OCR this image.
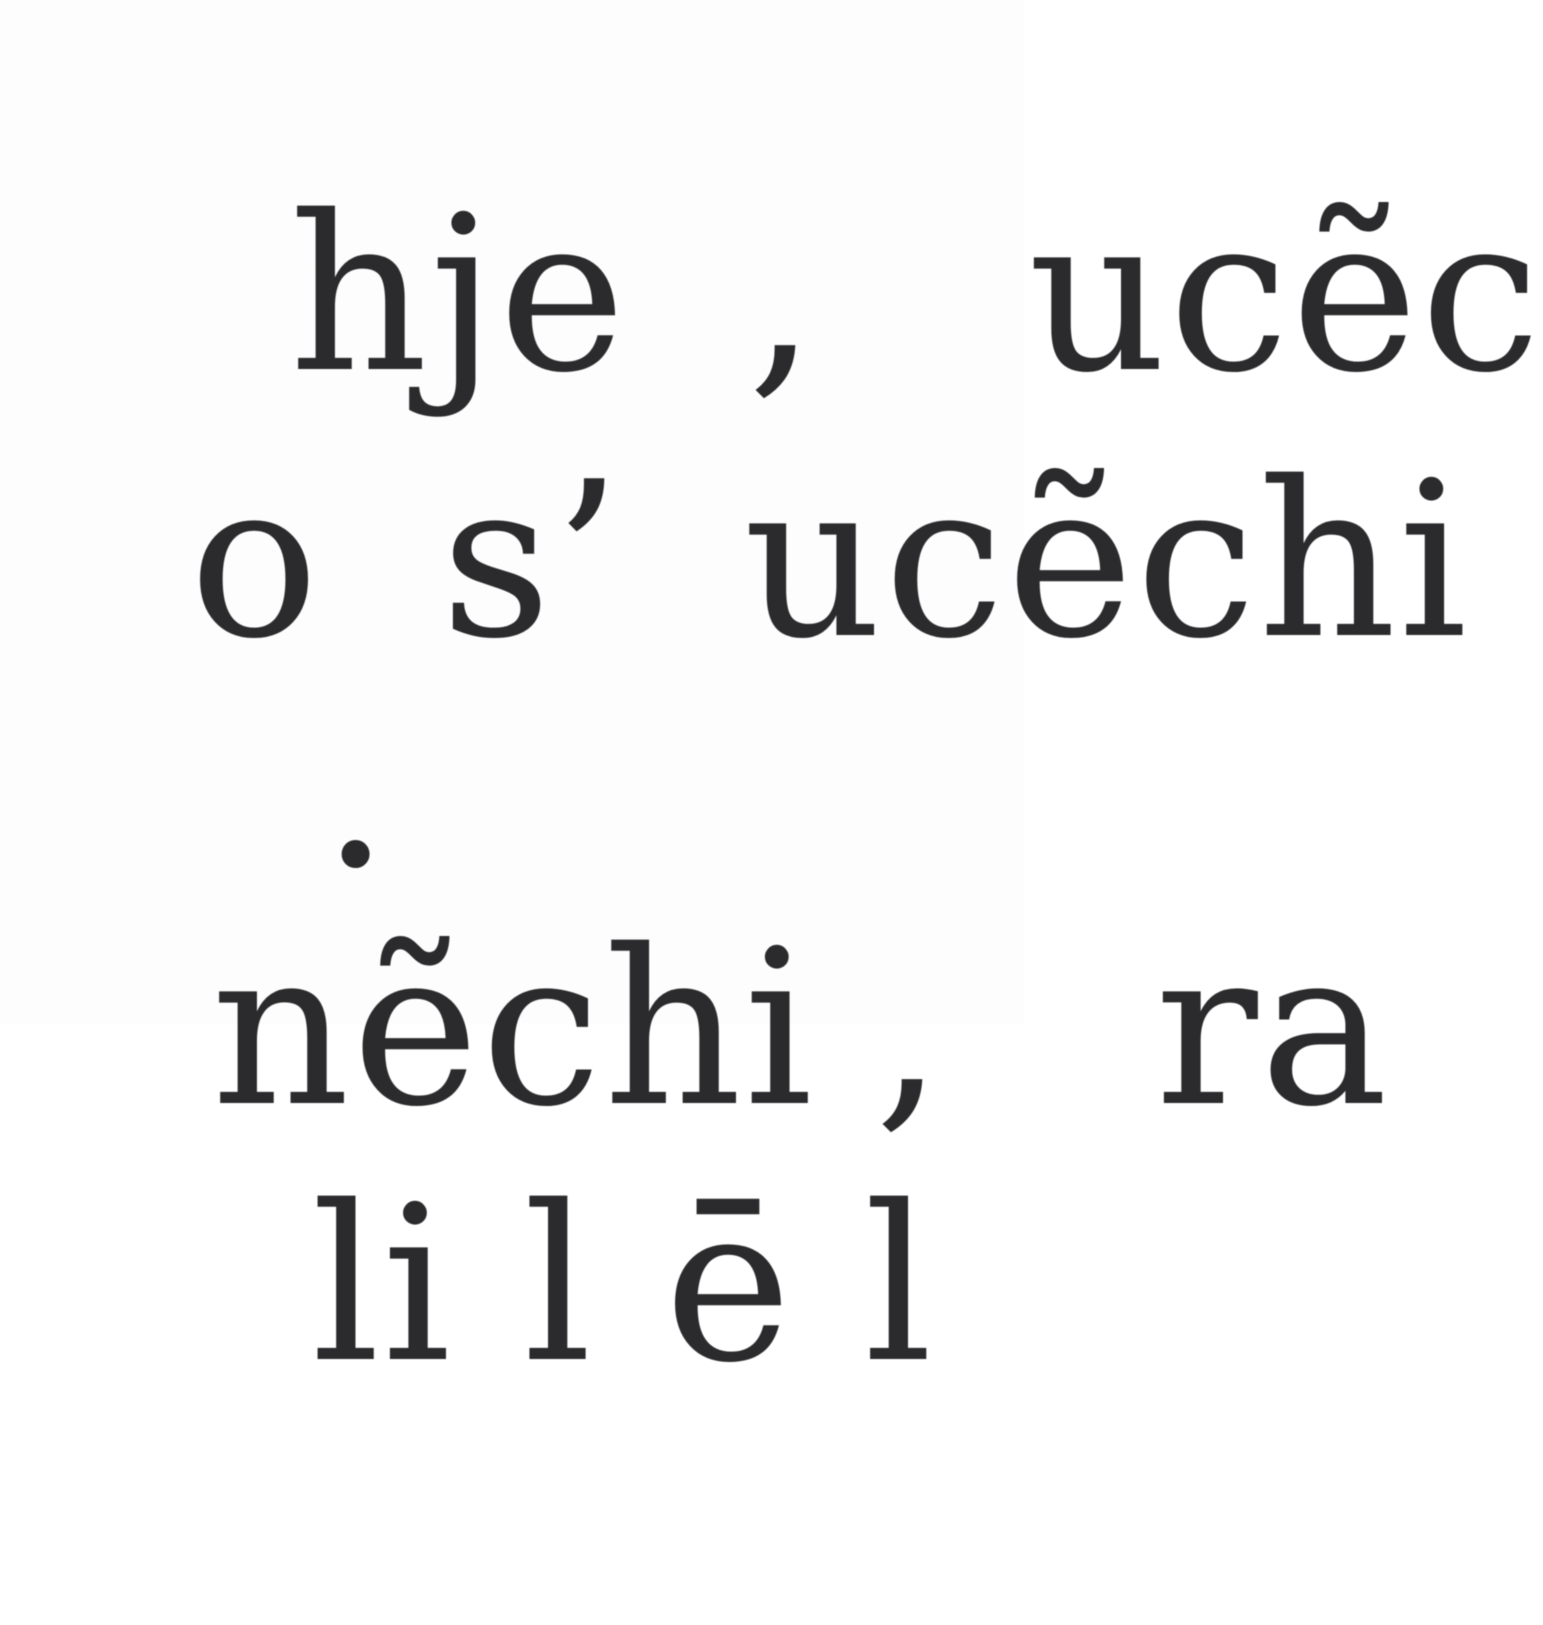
hje , ucẽc

o s’ ucẽchi

.

nẽchi , ra

li l ē l
